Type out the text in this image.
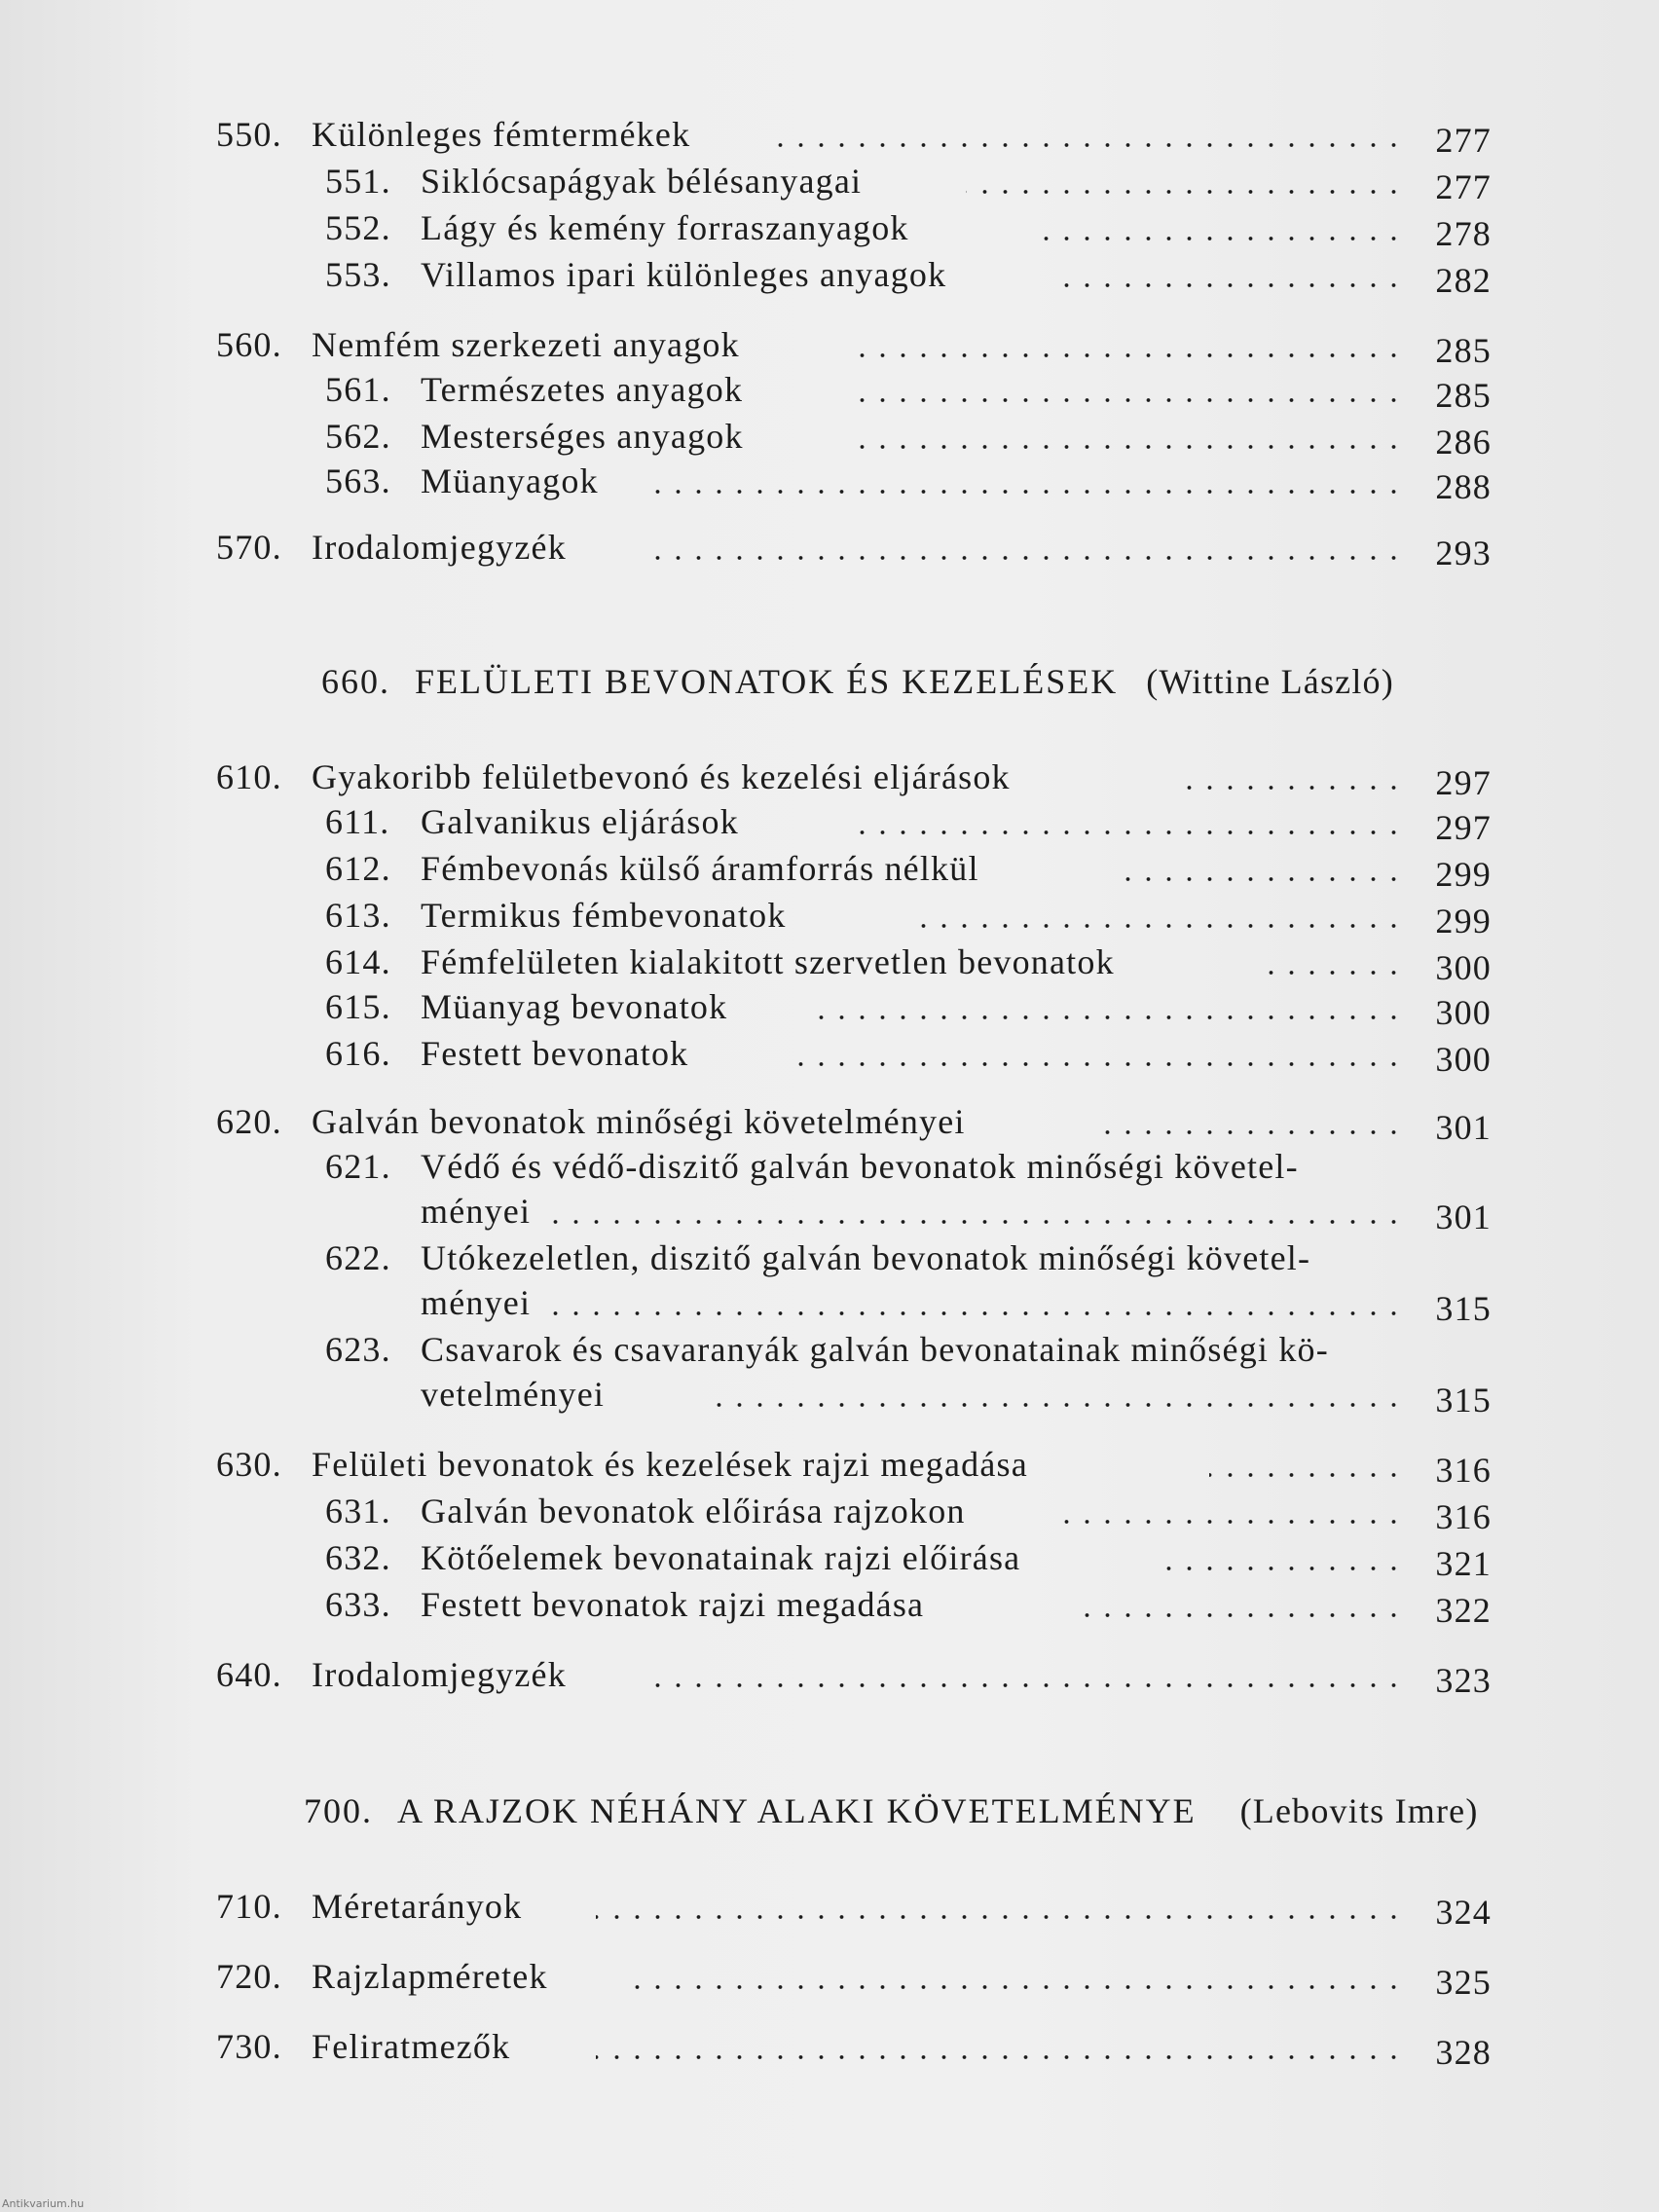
550. Különleges fémtermékek	277
551. Siklócsapágyak bélésanyagai	277
552. Lágy és kemény forraszanyagok	278
553. Villamos ipari különleges anyagok	282
560. Nemfém szerkezeti anyagok	285
561. Természetes anyagok	285
562. Mesterséges anyagok	286
563. Müanyagok	288
570. Irodalomjegyzék	293
660. FELÜLETI BEVONATOK ÉS KEZELÉSEK (Wittine László)
610. Gyakoribb felületbevonó és kezelési eljárások	297
611. Galvanikus eljárások	297
612. Fémbevonás külső áramforrás nélkül	299
613. Termikus fémbevonatok	299
614. Fémfelületen kialakitott szervetlen bevonatok	300
615. Müanyag bevonatok	300
616. Festett bevonatok	300
620. Galván bevonatok minőségi követelményei	301
621. Védő és védő-diszitő galván bevonatok minőségi követel-
ményei	301
622. Utókezeletlen, diszitő galván bevonatok minőségi követel-
ményei	315
623. Csavarok és csavaranyák galván bevonatainak minőségi kö-
vetelményei	315
630. Felületi bevonatok és kezelések rajzi megadása	316
631. Galván bevonatok előirása rajzokon	316
632. Kötőelemek bevonatainak rajzi előirása	321
633. Festett bevonatok rajzi megadása	322
640. Irodalomjegyzék	323
700. A RAJZOK NÉHÁNY ALAKI KÖVETELMÉNYE (Lebovits Imre)
710. Méretarányok	324
720. Rajzlapméretek	325
730. Feliratmezők	328
Antikvarium.hu
